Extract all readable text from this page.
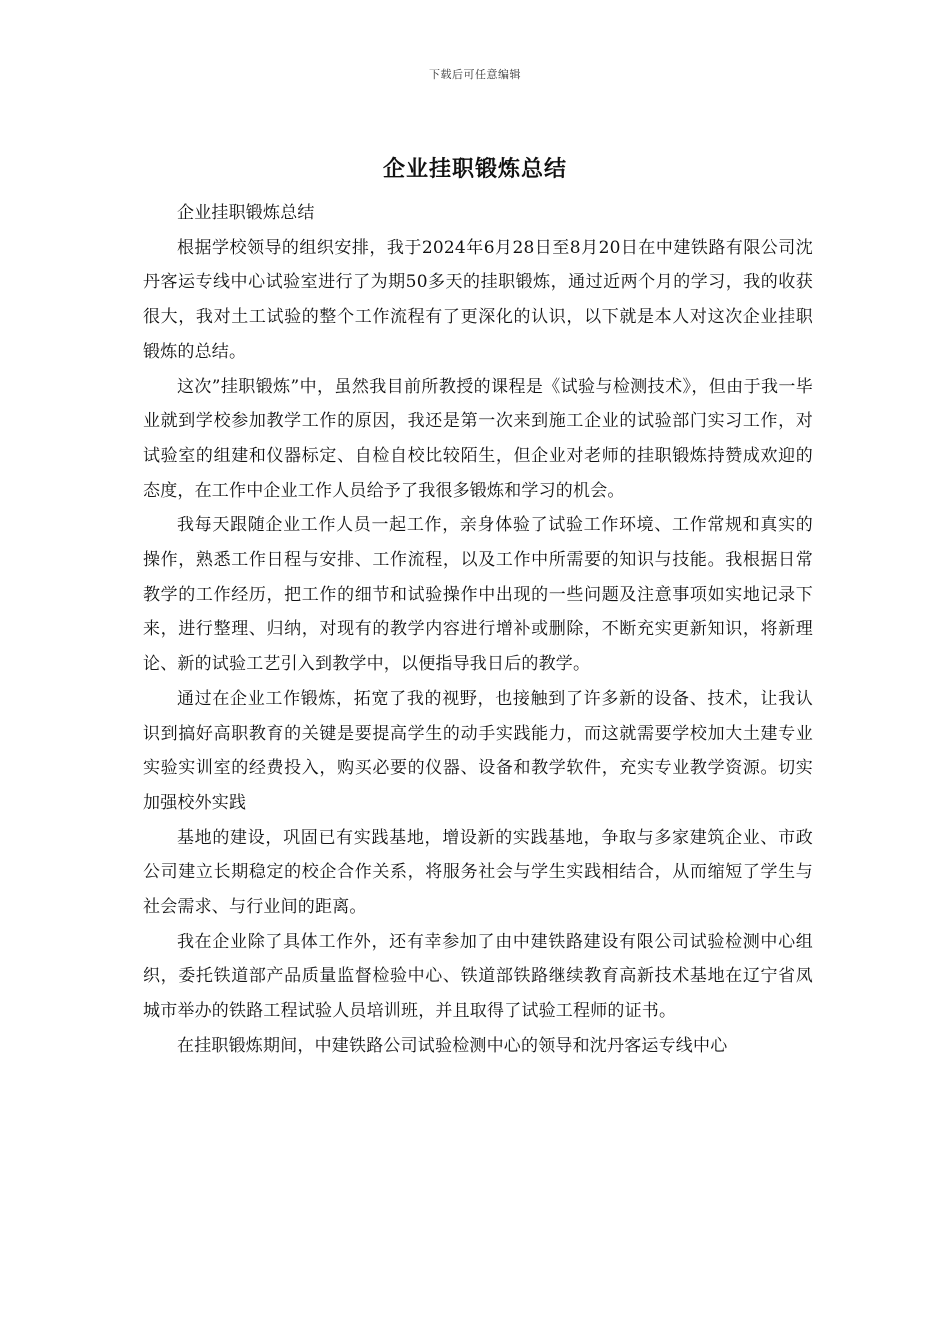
下载后可任意编辑
企业挂职锻炼总结

企业挂职锻炼总结

根据学校领导的组织安排，我于2024年6月28日至8月20日在中建铁路有限公司沈丹客运专线中心试验室进行了为期50多天的挂职锻炼，通过近两个月的学习，我的收获很大，我对土工试验的整个工作流程有了更深化的认识，以下就是本人对这次企业挂职锻炼的总结。

这次”挂职锻炼”中，虽然我目前所教授的课程是《试验与检测技术》，但由于我一毕业就到学校参加教学工作的原因，我还是第一次来到施工企业的试验部门实习工作，对试验室的组建和仪器标定、自检自校比较陌生，但企业对老师的挂职锻炼持赞成欢迎的态度，在工作中企业工作人员给予了我很多锻炼和学习的机会。

我每天跟随企业工作人员一起工作，亲身体验了试验工作环境、工作常规和真实的操作，熟悉工作日程与安排、工作流程，以及工作中所需要的知识与技能。我根据日常教学的工作经历，把工作的细节和试验操作中出现的一些问题及注意事项如实地记录下来，进行整理、归纳，对现有的教学内容进行增补或删除，不断充实更新知识，将新理论、新的试验工艺引入到教学中，以便指导我日后的教学。

通过在企业工作锻炼，拓宽了我的视野，也接触到了许多新的设备、技术，让我认识到搞好高职教育的关键是要提高学生的动手实践能力，而这就需要学校加大土建专业实验实训室的经费投入，购买必要的仪器、设备和教学软件，充实专业教学资源。切实加强校外实践

基地的建设，巩固已有实践基地，增设新的实践基地，争取与多家建筑企业、市政公司建立长期稳定的校企合作关系，将服务社会与学生实践相结合，从而缩短了学生与社会需求、与行业间的距离。

我在企业除了具体工作外，还有幸参加了由中建铁路建设有限公司试验检测中心组织，委托铁道部产品质量监督检验中心、铁道部铁路继续教育高新技术基地在辽宁省凤城市举办的铁路工程试验人员培训班，并且取得了试验工程师的证书。

在挂职锻炼期间，中建铁路公司试验检测中心的领导和沈丹客运专线中心
